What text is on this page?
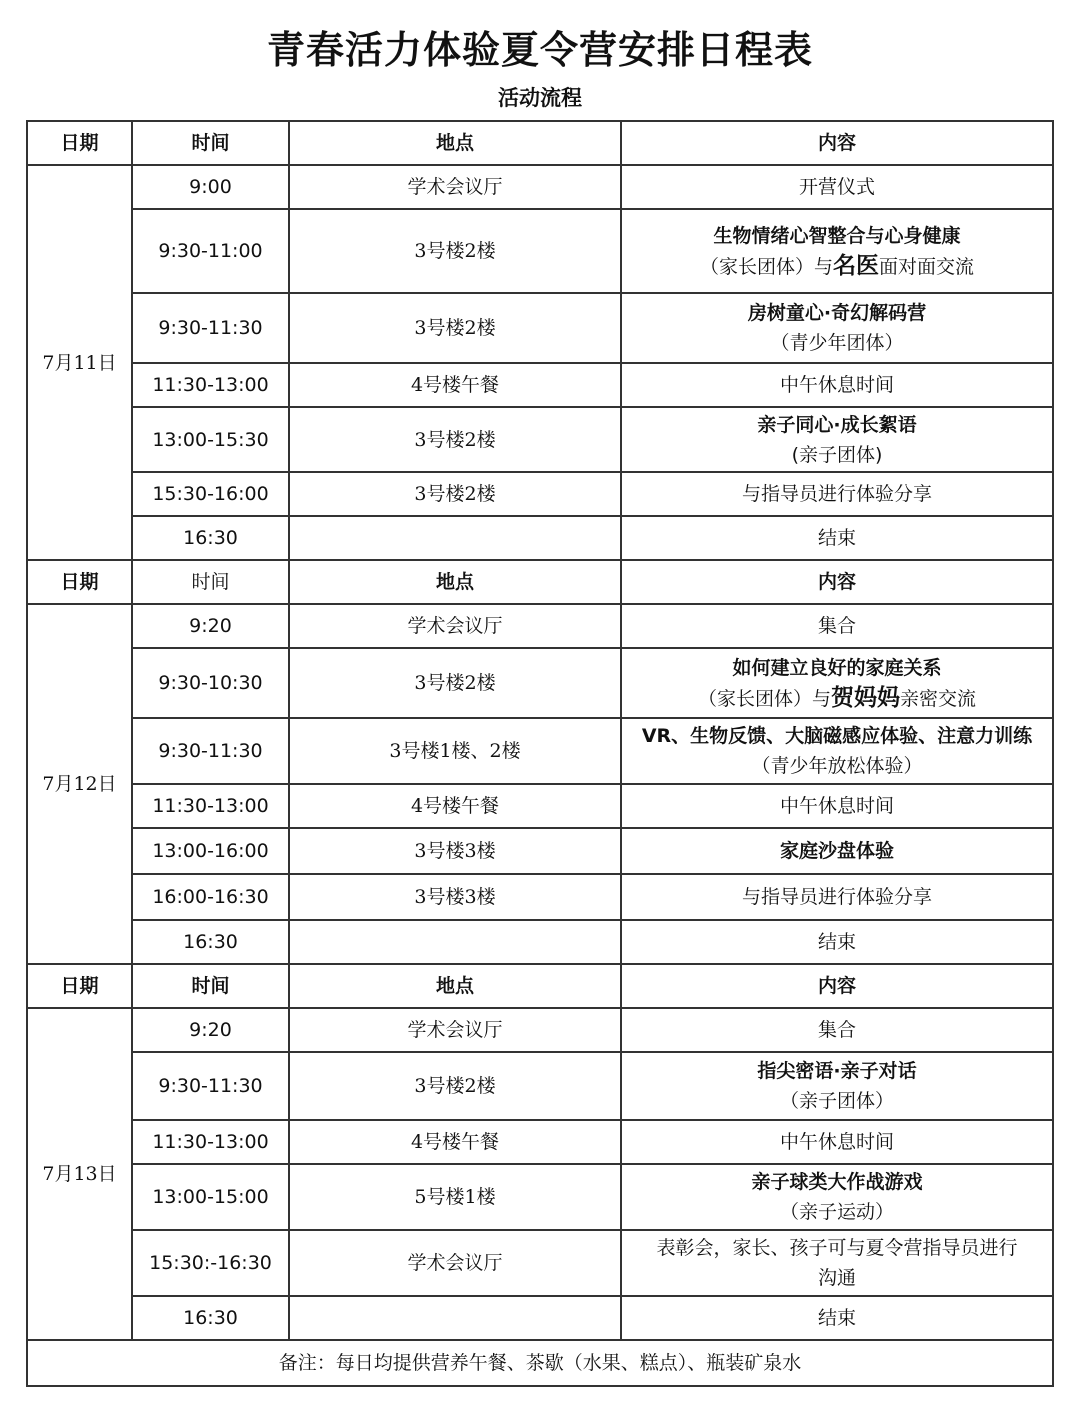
青春活力体验夏令营安排日程表
活动流程
日期	时间	地点	内容
7月11日	9:00	学术会议厅	开营仪式

	9:30-11:00	3号楼2楼	生物情绪心智整合与心身健康
（家长团体）与名医面对面交流

	9:30-11:30	3号楼2楼	房树童心·奇幻解码营
（青少年团体）

	11:30-13:00	4号楼午餐	中午休息时间

	13:00-15:30	3号楼2楼	亲子同心·成长絮语
(亲子团体)

	15:30-16:00	3号楼2楼	与指导员进行体验分享

	16:30		结束

日期	时间	地点	内容
7月12日	9:20	学术会议厅	集合

	9:30-10:30	3号楼2楼	如何建立良好的家庭关系
（家长团体）与贺妈妈亲密交流

	9:30-11:30	3号楼1楼、2楼	VR、生物反馈、大脑磁感应体验、注意力训练
（青少年放松体验）

	11:30-13:00	4号楼午餐	中午休息时间

	13:00-16:00	3号楼3楼	家庭沙盘体验

	16:00-16:30	3号楼3楼	与指导员进行体验分享

	16:30		结束

日期	时间	地点	内容
7月13日	9:20	学术会议厅	集合

	9:30-11:30	3号楼2楼	指尖密语·亲子对话
（亲子团体）

	11:30-13:00	4号楼午餐	中午休息时间

	13:00-15:00	5号楼1楼	亲子球类大作战游戏
（亲子运动）

	15:30:-16:30	学术会议厅	表彰会，家长、孩子可与夏令营指导员进行
沟通

	16:30		结束

备注：每日均提供营养午餐、茶歇（水果、糕点）、瓶装矿泉水			
